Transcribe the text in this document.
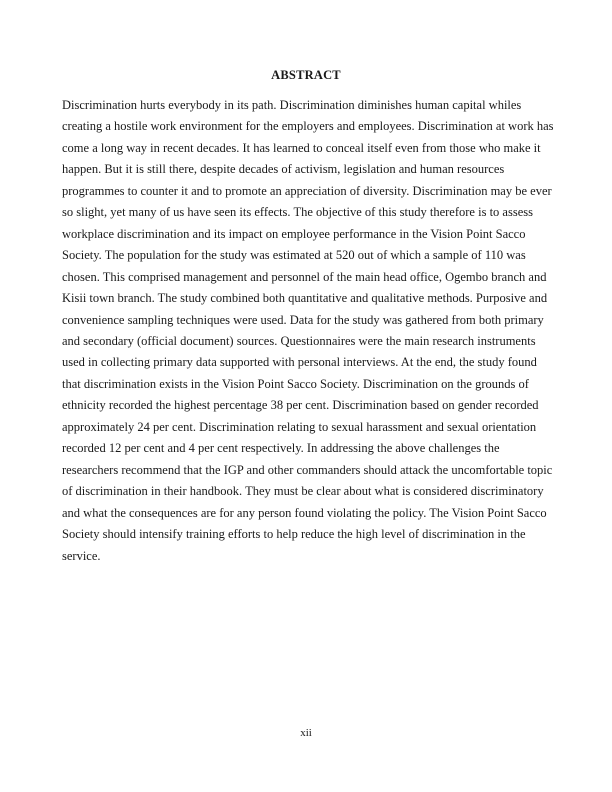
ABSTRACT
Discrimination hurts everybody in its path. Discrimination diminishes human capital whiles
creating a hostile work environment for the employers and employees. Discrimination at work has
come a long way in recent decades. It has learned to conceal itself even from those who make it
happen. But it is still there, despite decades of activism, legislation and human resources
programmes to counter it and to promote an appreciation of diversity. Discrimination may be ever
so slight, yet many of us have seen its effects. The objective of this study therefore is to assess
workplace discrimination and its impact on employee performance in the Vision Point Sacco
Society. The population for the study was estimated at 520 out of which a sample of 110 was
chosen. This comprised management and personnel of the main head office, Ogembo branch and
Kisii town branch. The study combined both quantitative and qualitative methods. Purposive and
convenience sampling techniques were used. Data for the study was gathered from both primary
and secondary (official document) sources. Questionnaires were the main research instruments
used in collecting primary data supported with personal interviews. At the end, the study found
that discrimination exists in the Vision Point Sacco Society. Discrimination on the grounds of
ethnicity recorded the highest percentage 38 per cent. Discrimination based on gender recorded
approximately 24 per cent. Discrimination relating to sexual harassment and sexual orientation
recorded 12 per cent and 4 per cent respectively. In addressing the above challenges the
researchers recommend that the IGP and other commanders should attack the uncomfortable topic
of discrimination in their handbook. They must be clear about what is considered discriminatory
and what the consequences are for any person found violating the policy. The Vision Point Sacco
Society should intensify training efforts to help reduce the high level of discrimination in the
service.
xii
